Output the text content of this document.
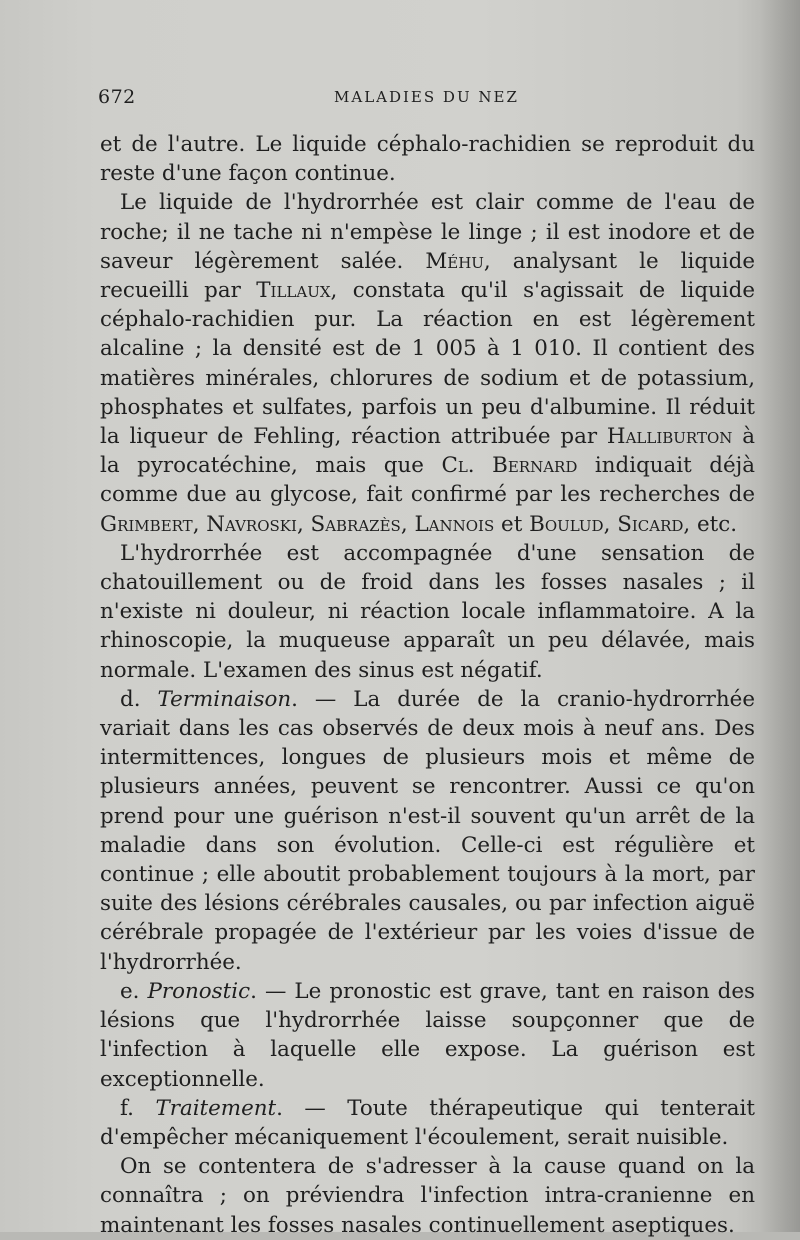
672	MALADIES DU NEZ

et de l'autre. Le liquide céphalo-rachidien se reproduit du reste d'une façon continue.

Le liquide de l'hydrorrhée est clair comme de l'eau de roche; il ne tache ni n'empèse le linge ; il est inodore et de saveur légèrement salée. Méhu, analysant le liquide recueilli par Tillaux, constata qu'il s'agissait de liquide céphalo-rachidien pur. La réaction en est légèrement alcaline ; la densité est de 1 005 à 1 010. Il contient des matières minérales, chlorures de sodium et de potassium, phosphates et sulfates, parfois un peu d'albumine. Il réduit la liqueur de Fehling, réaction attribuée par Halliburton à la pyrocatéchine, mais que Cl. Bernard indiquait déjà comme due au glycose, fait confirmé par les recherches de Grimbert, Navroski, Sabrazès, Lannois et Boulud, Sicard, etc.

L'hydrorrhée est accompagnée d'une sensation de chatouillement ou de froid dans les fosses nasales ; il n'existe ni douleur, ni réaction locale inflammatoire. A la rhinoscopie, la muqueuse apparaît un peu délavée, mais normale. L'examen des sinus est négatif.

d. Terminaison. — La durée de la cranio-hydrorrhée variait dans les cas observés de deux mois à neuf ans. Des intermittences, longues de plusieurs mois et même de plusieurs années, peuvent se rencontrer. Aussi ce qu'on prend pour une guérison n'est-il souvent qu'un arrêt de la maladie dans son évolution. Celle-ci est régulière et continue ; elle aboutit probablement toujours à la mort, par suite des lésions cérébrales causales, ou par infection aiguë cérébrale propagée de l'extérieur par les voies d'issue de l'hydrorrhée.

e. Pronostic. — Le pronostic est grave, tant en raison des lésions que l'hydrorrhée laisse soupçonner que de l'infection à laquelle elle expose. La guérison est exceptionnelle.

f. Traitement. — Toute thérapeutique qui tenterait d'empêcher mécaniquement l'écoulement, serait nuisible.

On se contentera de s'adresser à la cause quand on la connaîtra ; on préviendra l'infection intra-cranienne en maintenant les fosses nasales continuellement aseptiques.
